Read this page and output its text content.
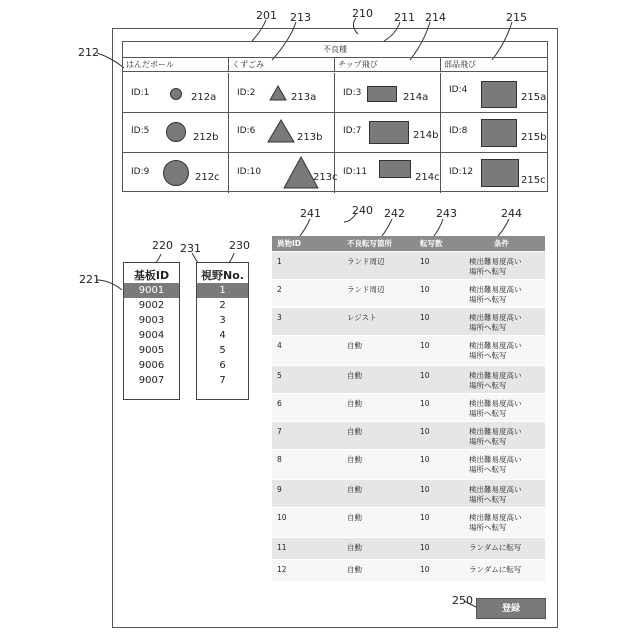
201 213	210 211 214	215
212
220 231	230
221
241	240 242	243	244
250
不良種
はんだボール	くずごみ	チップ飛び	部品飛び
ID:1	212a ID:2	213a	ID:3	214a
ID:4
215a
ID:5
212b
ID:6
213b
ID:7	214b ID:8
215b
ID:9	212c ID:10	213c ID:11	214c ID:12
215c
基板ID
9001
9002
9003
9004
9005
9006
9007
視野No.
1
2
3
4
5
6
7
異物ID	不良転写箇所	転写数	条件
1	ランド周辺	10	検出難易度高い
場所へ転写
2	ランド周辺	10	検出難易度高い
場所へ転写
3	レジスト	10	検出難易度高い
場所へ転写
4	自動	10	検出難易度高い
場所へ転写
5	自動	10	検出難易度高い
場所へ転写
6	自動	10	検出難易度高い
場所へ転写
7	自動	10	検出難易度高い
場所へ転写
8	自動	10	検出難易度高い
場所へ転写
9	自動	10	検出難易度高い
場所へ転写
10	自動	10	検出難易度高い
場所へ転写
11	自動	10	ランダムに転写
12	自動	10	ランダムに転写
登録
